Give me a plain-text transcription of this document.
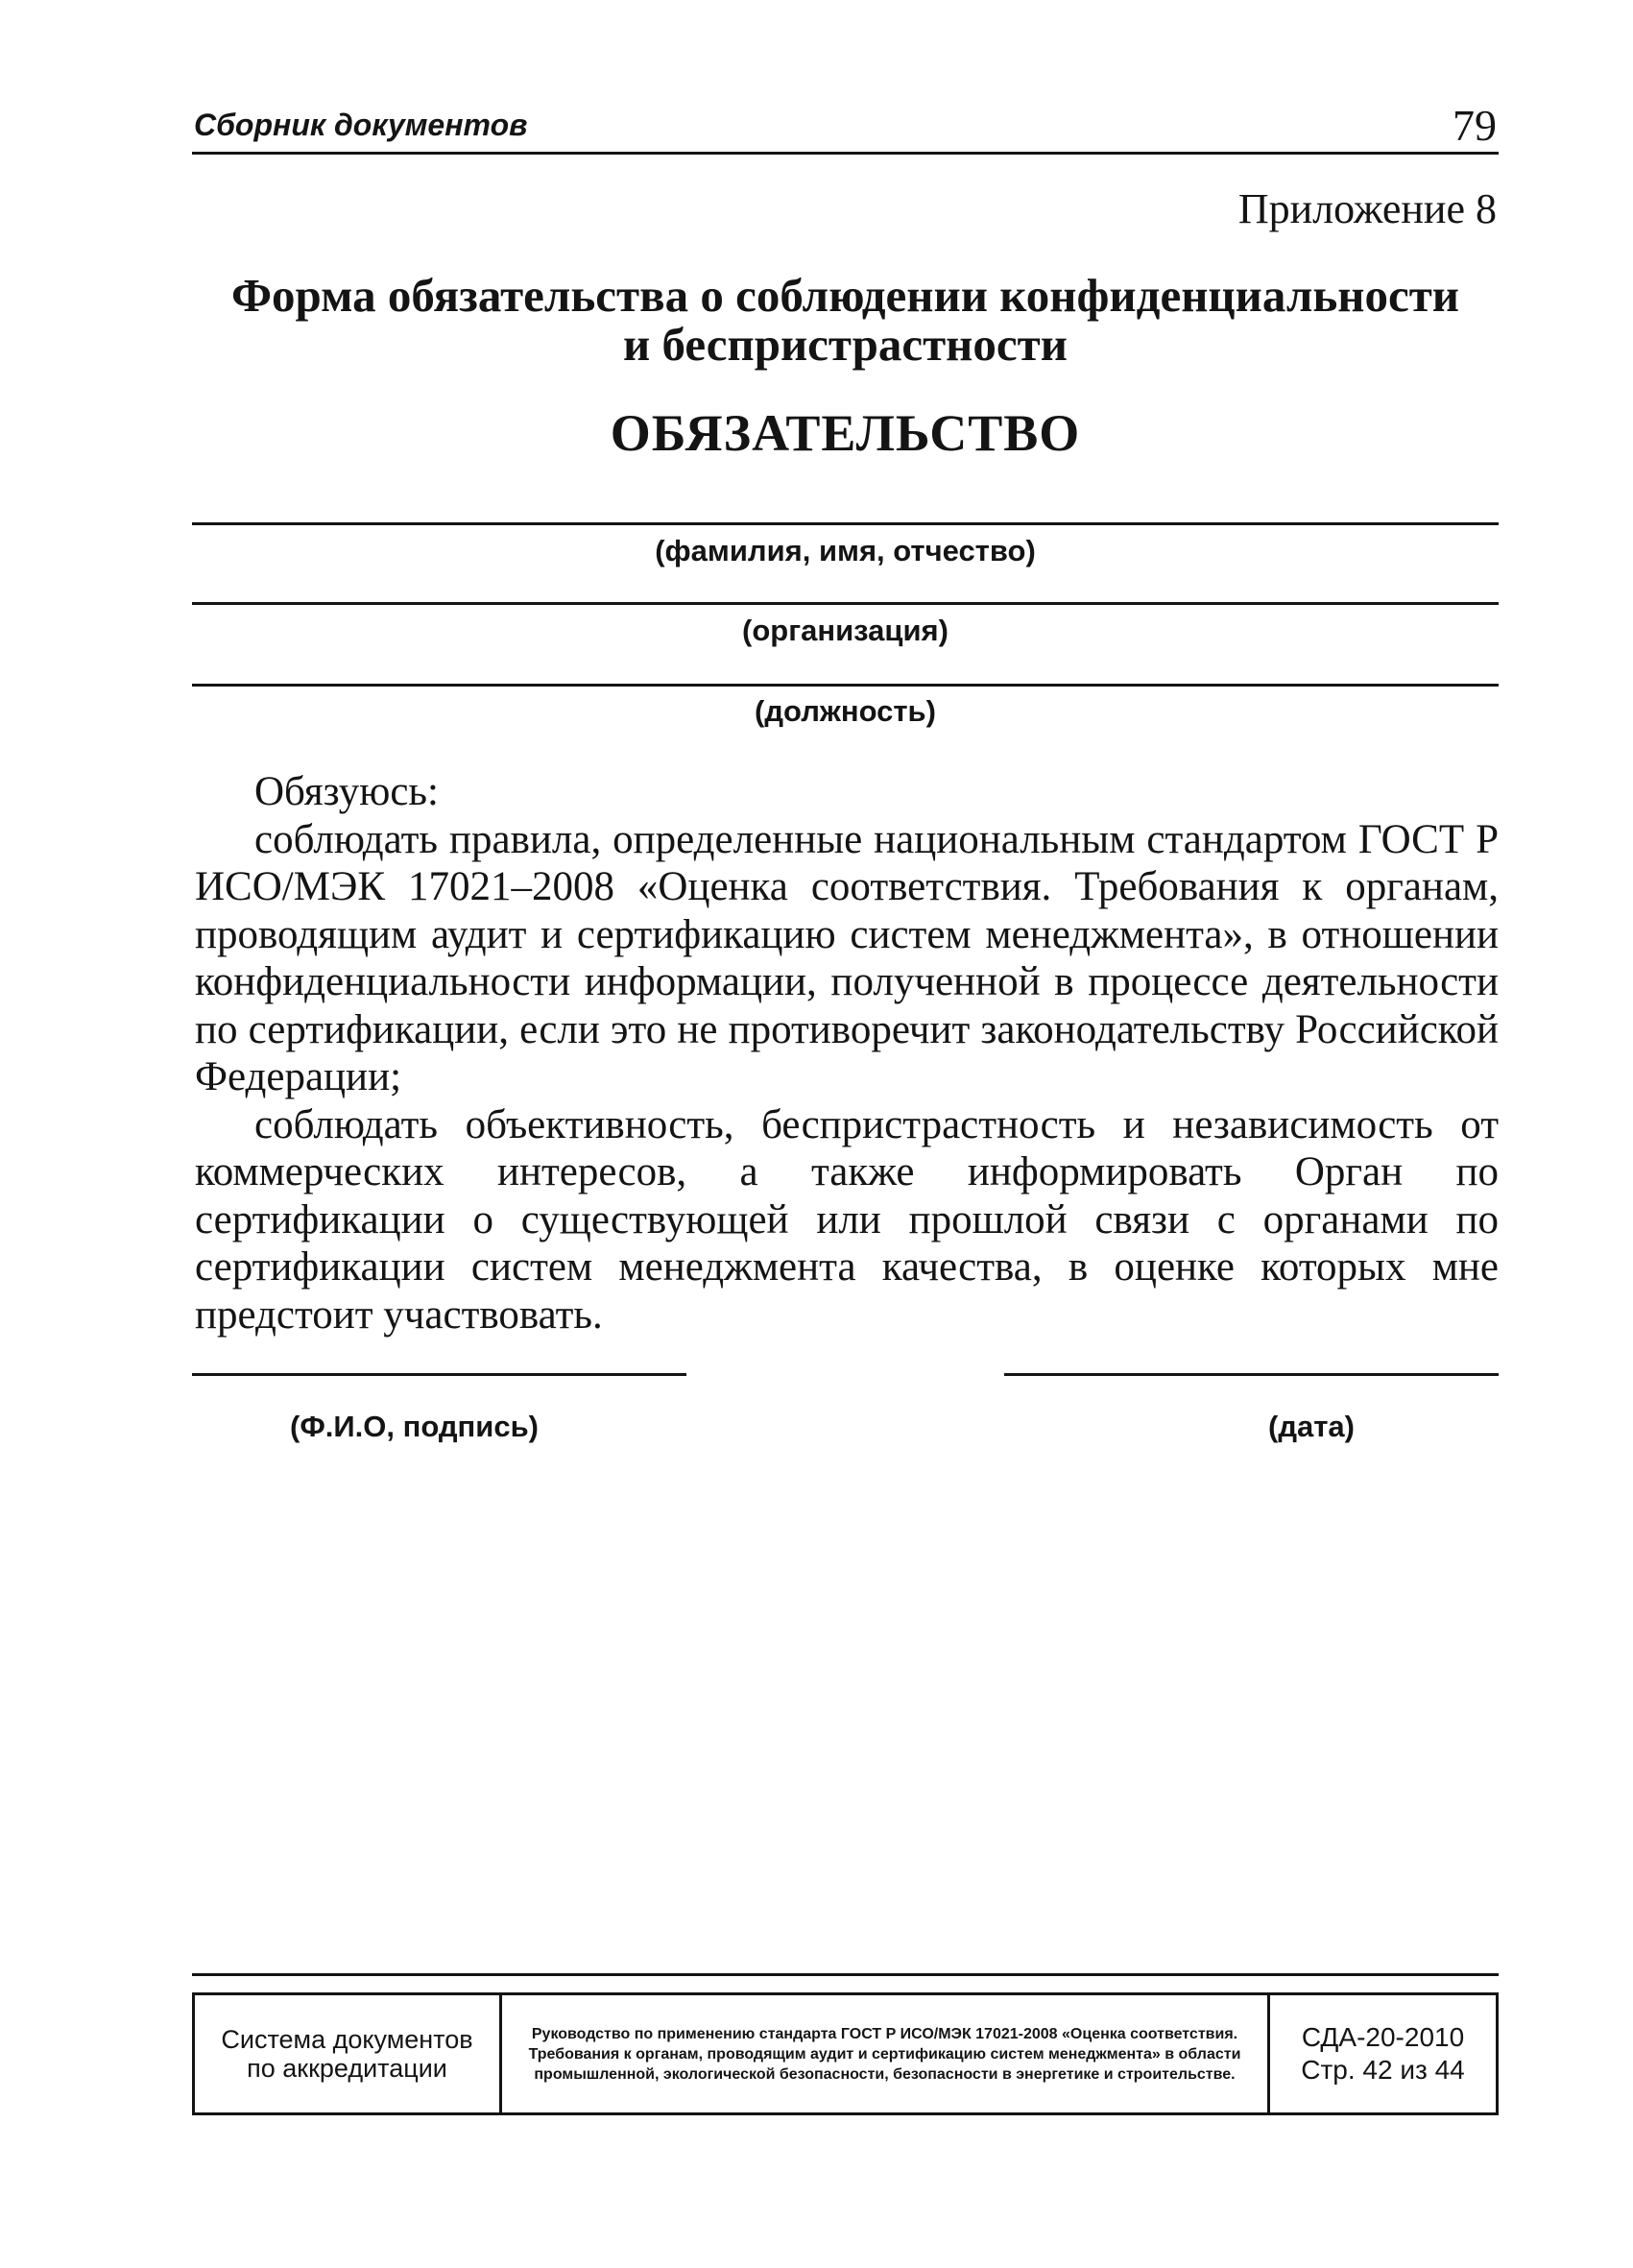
Сборник документов	79
Приложение 8
Форма обязательства о соблюдении конфиденциальности
и беспристрастности
ОБЯЗАТЕЛЬСТВО
(фамилия, имя, отчество)
(организация)
(должность)

Обязуюсь:

соблюдать правила, определенные национальным стандартом ГОСТ Р ИСО/МЭК 17021–2008 «Оценка соответствия. Требования к органам, проводящим аудит и сертификацию систем менеджмента», в отношении конфиденциальности информации, полученной в процессе деятельности по сертификации, если это не противоречит законодательству Российской Федерации;

соблюдать объективность, беспристрастность и независимость от коммерческих интересов, а также информировать Орган по сертификации о существующей или прошлой связи с органами по сертификации систем менеджмента качества, в оценке которых мне предстоит участвовать.

(Ф.И.О, подпись)	(дата)
Система документов
по аккредитации
Руководство по применению стандарта ГОСТ Р ИСО/МЭК 17021-2008 «Оценка соответствия. Требования к органам, проводящим аудит и сертификацию систем менеджмента» в области промышленной, экологической безопасности, безопасности в энергетике и строительстве.
СДА-20-2010
Стр. 42 из 44
